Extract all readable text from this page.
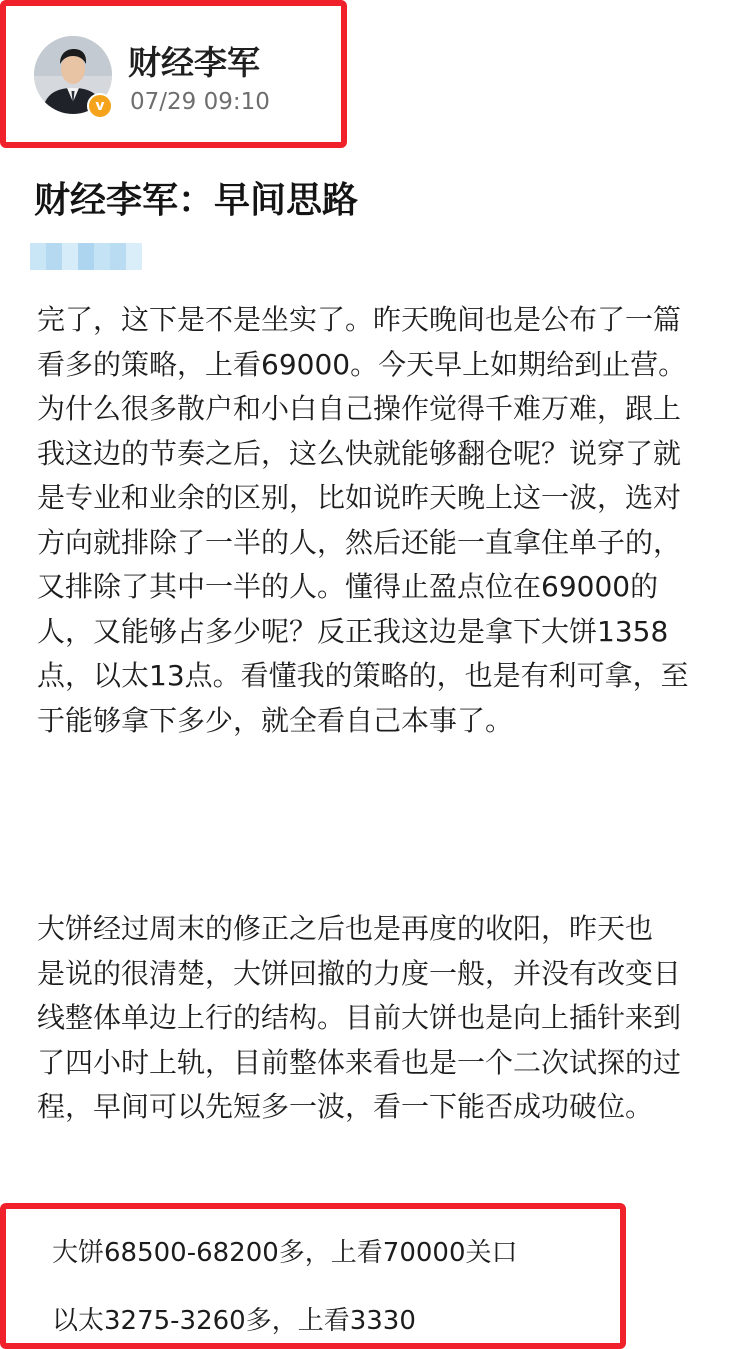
v
财经李军
07/29 09:10
财经李军：早间思路

完了，这下是不是坐实了。昨天晚间也是公布了一篇
看多的策略，上看69000。今天早上如期给到止营。
为什么很多散户和小白自己操作觉得千难万难，跟上
我这边的节奏之后，这么快就能够翻仓呢？说穿了就
是专业和业余的区别，比如说昨天晚上这一波，选对
方向就排除了一半的人，然后还能一直拿住单子的，
又排除了其中一半的人。懂得止盈点位在69000的
人，又能够占多少呢？反正我这边是拿下大饼1358
点，以太13点。看懂我的策略的，也是有利可拿，至
于能够拿下多少，就全看自己本事了。

大饼经过周末的修正之后也是再度的收阳，昨天也
是说的很清楚，大饼回撤的力度一般，并没有改变日
线整体单边上行的结构。目前大饼也是向上插针来到
了四小时上轨，目前整体来看也是一个二次试探的过
程，早间可以先短多一波，看一下能否成功破位。

大饼68500-68200多，上看70000关口
以太3275-3260多，上看3330
